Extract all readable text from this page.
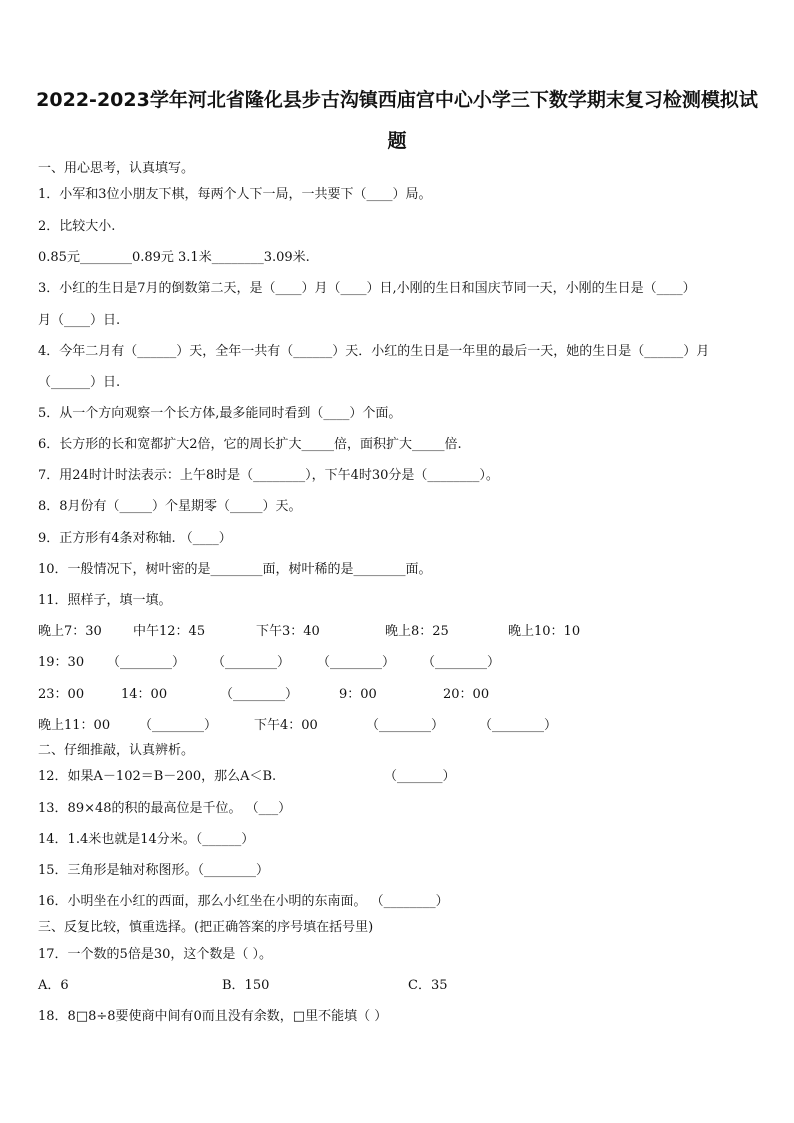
2022-2023学年河北省隆化县步古沟镇西庙宫中心小学三下数学期末复习检测模拟试题
一、用心思考，认真填写。
1．小军和3位小朋友下棋，每两个人下一局，一共要下（____）局。
2．比较大小.
0.85元________0.89元 3.1米________3.09米.
3．小红的生日是7月的倒数第二天，是（____）月（____）日,小刚的生日和国庆节同一天，小刚的生日是（____）
月（____）日.
4．今年二月有（______）天，全年一共有（______）天．小红的生日是一年里的最后一天，她的生日是（______）月
（______）日.
5．从一个方向观察一个长方体,最多能同时看到（____）个面。
6．长方形的长和宽都扩大2倍，它的周长扩大_____倍，面积扩大_____倍.
7．用24时计时法表示：上午8时是（________），下午4时30分是（________）。
8．8月份有（_____）个星期零（_____）天。
9．正方形有4条对称轴. （____）
10．一般情况下，树叶密的是________面，树叶稀的是________面。
11．照样子，填一填。
晚上7：30 中午12：45	下午3：40	晚上8：25	晚上10：10
19：30 （________） （________） （________） （________）
23：00	14：00	（________）	9：00	20：00
晚上11：00 （________）	下午4：00	（________）	（________）
二、仔细推敲，认真辨析。
12．如果A－102＝B－200，那么A＜B.	（_______）
13．89×48的积的最高位是千位。 （___）
14．1.4米也就是14分米。（______）
15．三角形是轴对称图形。（________）
16．小明坐在小红的西面，那么小红坐在小明的东南面。 （________）
三、反复比较，慎重选择。(把正确答案的序号填在括号里)
17．一个数的5倍是30，这个数是（ ）。
A．6	B．150	C．35
18．8□8÷8要使商中间有0而且没有余数，□里不能填（ ）
